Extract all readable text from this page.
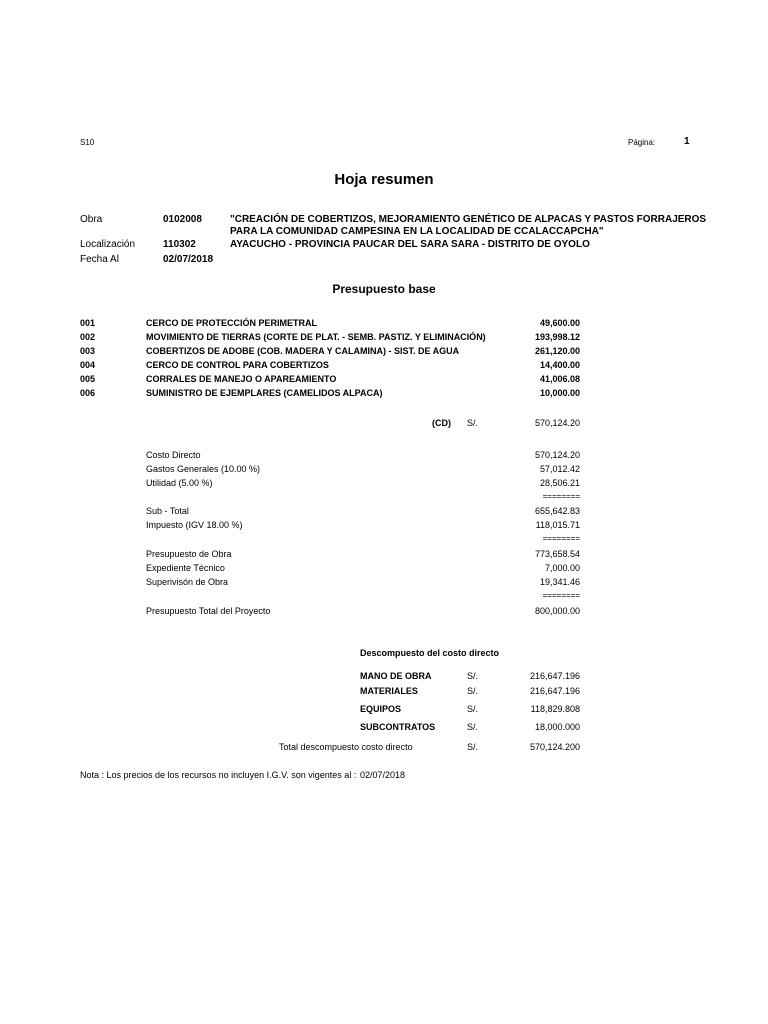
S10	Página:	1
Hoja resumen
Obra	0102008	"CREACIÓN DE COBERTIZOS, MEJORAMIENTO GENÉTICO DE ALPACAS Y PASTOS FORRAJEROS
PARA LA COMUNIDAD CAMPESINA EN LA LOCALIDAD DE CCALACCAPCHA"
Localización	110302	AYACUCHO - PROVINCIA PAUCAR DEL SARA SARA - DISTRITO DE OYOLO
Fecha Al	02/07/2018
Presupuesto base
001	CERCO DE PROTECCIÓN PERIMETRAL	49,600.00
002	MOVIMIENTO DE TIERRAS (CORTE DE PLAT. - SEMB. PASTIZ. Y ELIMINACIÓN)	193,998.12
003	COBERTIZOS DE ADOBE (COB. MADERA Y CALAMINA) - SIST. DE AGUA	261,120.00
004	CERCO DE CONTROL PARA COBERTIZOS	14,400.00
005	CORRALES DE MANEJO O APAREAMIENTO	41,006.08
006	SUMINISTRO DE EJEMPLARES (CAMELIDOS ALPACA)	10,000.00
(CD) S/.	570,124.20
Costo Directo	570,124.20
Gastos Generales (10.00 %)	57,012.42
Utilidad (5.00 %)	28,506.21
========
Sub - Total	655,642.83
Impuesto (IGV 18.00 %)	118,015.71
========
Presupuesto de Obra	773,658.54
Expediente Técnico	7,000.00
Superivisón de Obra	19,341.46
========
Presupuesto Total del Proyecto	800,000.00
Descompuesto del costo directo
MANO DE OBRA	S/.	216,647.196
MATERIALES	S/.	216,647.196
EQUIPOS	S/.	118,829.808
SUBCONTRATOS	S/.	18,000.000
Total descompuesto costo directo	S/.	570,124.200
Nota : Los precios de los recursos no incluyen I.G.V. son vigentes al : 02/07/2018
